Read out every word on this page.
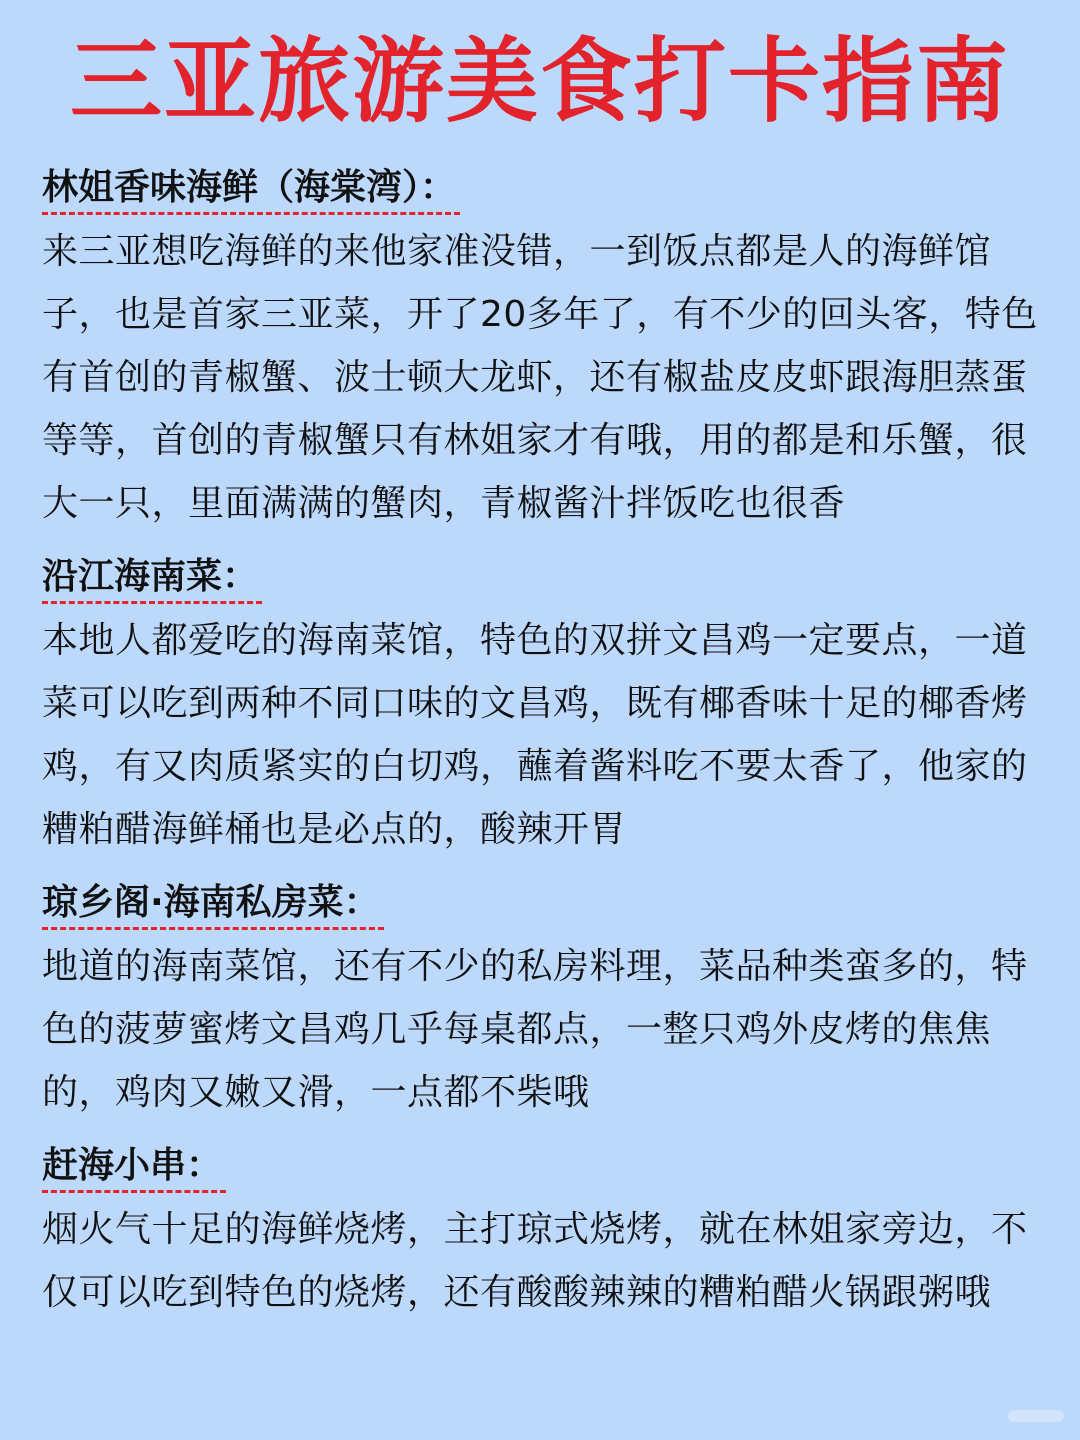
三亚旅游美食打卡指南
林姐香味海鲜（海棠湾）：

来三亚想吃海鲜的来他家准没错，一到饭点都是人的海鲜馆子，也是首家三亚菜，开了20多年了，有不少的回头客，特色有首创的青椒蟹、波士顿大龙虾，还有椒盐皮皮虾跟海胆蒸蛋等等，首创的青椒蟹只有林姐家才有哦，用的都是和乐蟹，很大一只，里面满满的蟹肉，青椒酱汁拌饭吃也很香

沿江海南菜：

本地人都爱吃的海南菜馆，特色的双拼文昌鸡一定要点，一道菜可以吃到两种不同口味的文昌鸡，既有椰香味十足的椰香烤鸡，有又肉质紧实的白切鸡，蘸着酱料吃不要太香了，他家的糟粕醋海鲜桶也是必点的，酸辣开胃

琼乡阁·海南私房菜：

地道的海南菜馆，还有不少的私房料理，菜品种类蛮多的，特色的菠萝蜜烤文昌鸡几乎每桌都点，一整只鸡外皮烤的焦焦的，鸡肉又嫩又滑，一点都不柴哦

赶海小串：

烟火气十足的海鲜烧烤，主打琼式烧烤，就在林姐家旁边，不仅可以吃到特色的烧烤，还有酸酸辣辣的糟粕醋火锅跟粥哦
